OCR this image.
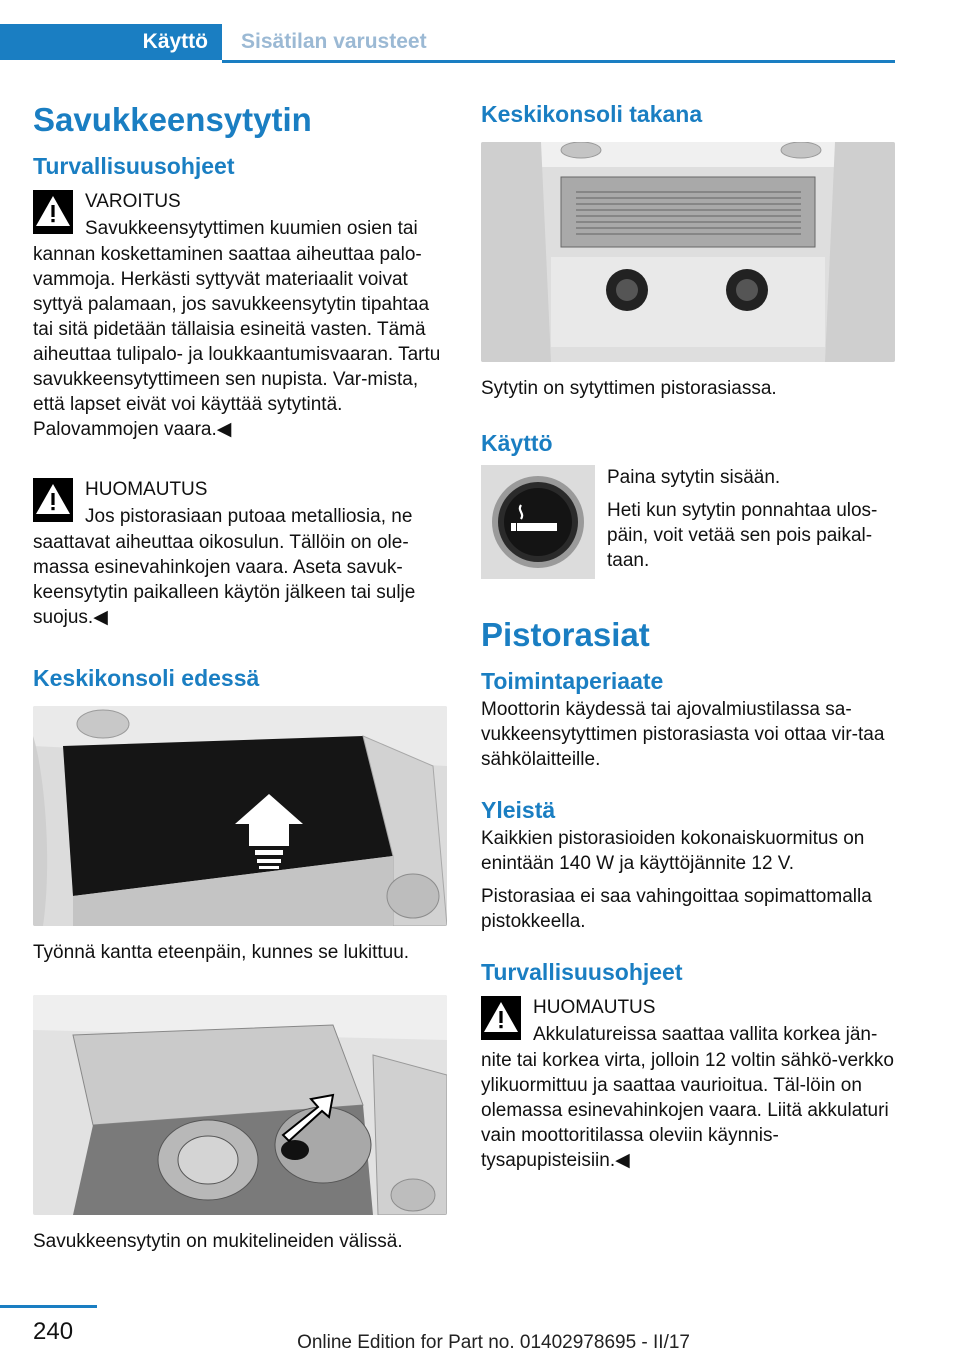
Käyttö	Sisätilan varusteet
Savukkeensytytin
Turvallisuusohjeet
VAROITUS
Savukkeensytyttimen kuumien osien tai
kannan koskettaminen saattaa aiheuttaa palo-vammoja. Herkästi syttyvät materiaalit voivat syttyä palamaan, jos savukkeensytytin tipahtaa tai sitä pidetään tällaisia esineitä vasten. Tämä aiheuttaa tulipalo- ja loukkaantumisvaaran. Tartu savukkeensytyttimeen sen nupista. Var-mista, että lapset eivät voi käyttää sytytintä. Palovammojen vaara.◀
HUOMAUTUS
Jos pistorasiaan putoaa metalliosia, ne
saattavat aiheuttaa oikosulun. Tällöin on ole-massa esinevahinkojen vaara. Aseta savuk-keensytytin paikalleen käytön jälkeen tai sulje suojus.◀
Keskikonsoli edessä
Työnnä kantta eteenpäin, kunnes se lukittuu.
Savukkeensytytin on mukitelineiden välissä.
Keskikonsoli takana
Sytytin on sytyttimen pistorasiassa.
Käyttö

Paina sytytin sisään.

Heti kun sytytin ponnahtaa ulos-päin, voit vetää sen pois paikal-taan.

Pistorasiat
Toimintaperiaate

Moottorin käydessä tai ajovalmiustilassa sa-vukkeensytyttimen pistorasiasta voi ottaa vir-taa sähkölaitteille.

Yleistä

Kaikkien pistorasioiden kokonaiskuormitus on enintään 140 W ja käyttöjännite 12 V.

Pistorasiaa ei saa vahingoittaa sopimattomalla pistokkeella.

Turvallisuusohjeet
HUOMAUTUS
Akkulatureissa saattaa vallita korkea jän-
nite tai korkea virta, jolloin 12 voltin sähkö-verkko ylikuormittuu ja saattaa vaurioitua. Täl-löin on olemassa esinevahinkojen vaara. Liitä akkulaturi vain moottoritilassa oleviin käynnis-tysapupisteisiin.◀
240	Online Edition for Part no. 01402978695 - II/17
